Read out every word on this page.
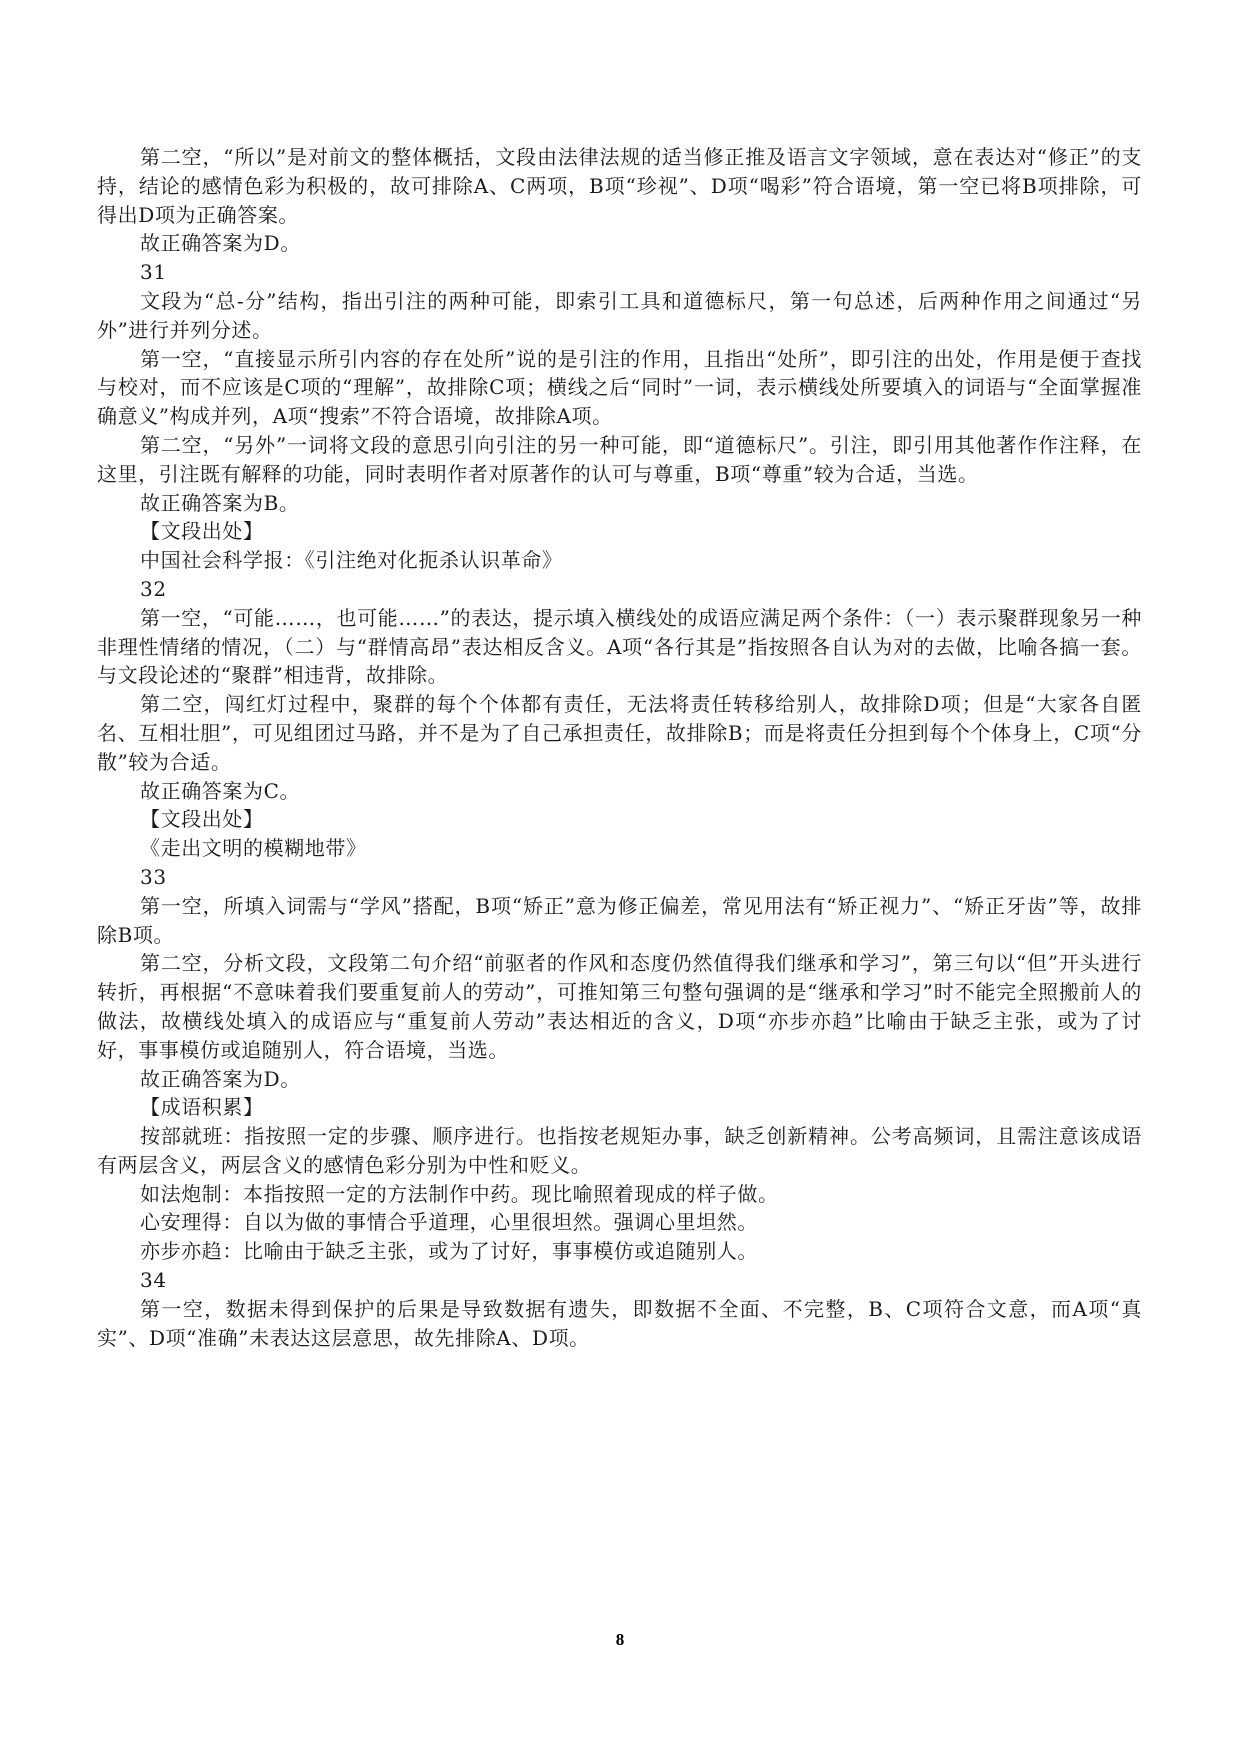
第二空，“所以”是对前文的整体概括，文段由法律法规的适当修正推及语言文字领域，意在表达对“修正”的支持，结论的感情色彩为积极的，故可排除A、C两项，B项“珍视”、D项“喝彩”符合语境，第一空已将B项排除，可得出D项为正确答案。

故正确答案为D。

31

文段为“总-分”结构，指出引注的两种可能，即索引工具和道德标尺，第一句总述，后两种作用之间通过“另外”进行并列分述。

第一空，“直接显示所引内容的存在处所”说的是引注的作用，且指出“处所”，即引注的出处，作用是便于查找与校对，而不应该是C项的“理解”，故排除C项；横线之后“同时”一词，表示横线处所要填入的词语与“全面掌握准确意义”构成并列，A项“搜索”不符合语境，故排除A项。

第二空，“另外”一词将文段的意思引向引注的另一种可能，即“道德标尺”。引注，即引用其他著作作注释，在这里，引注既有解释的功能，同时表明作者对原著作的认可与尊重，B项“尊重”较为合适，当选。

故正确答案为B。

【文段出处】

中国社会科学报：《引注绝对化扼杀认识革命》

32

第一空，“可能……，也可能……”的表达，提示填入横线处的成语应满足两个条件：（一）表示聚群现象另一种非理性情绪的情况，（二）与“群情高昂”表达相反含义。A项“各行其是”指按照各自认为对的去做，比喻各搞一套。与文段论述的“聚群”相违背，故排除。

第二空，闯红灯过程中，聚群的每个个体都有责任，无法将责任转移给别人，故排除D项；但是“大家各自匿名、互相壮胆”，可见组团过马路，并不是为了自己承担责任，故排除B；而是将责任分担到每个个体身上，C项“分散”较为合适。

故正确答案为C。

【文段出处】

《走出文明的模糊地带》

33

第一空，所填入词需与“学风”搭配，B项“矫正”意为修正偏差，常见用法有“矫正视力”、“矫正牙齿”等，故排除B项。

第二空，分析文段，文段第二句介绍“前驱者的作风和态度仍然值得我们继承和学习”，第三句以“但”开头进行转折，再根据“不意味着我们要重复前人的劳动”，可推知第三句整句强调的是“继承和学习”时不能完全照搬前人的做法，故横线处填入的成语应与“重复前人劳动”表达相近的含义，D项“亦步亦趋”比喻由于缺乏主张，或为了讨好，事事模仿或追随别人，符合语境，当选。

故正确答案为D。

【成语积累】

按部就班：指按照一定的步骤、顺序进行。也指按老规矩办事，缺乏创新精神。公考高频词，且需注意该成语有两层含义，两层含义的感情色彩分别为中性和贬义。

如法炮制：本指按照一定的方法制作中药。现比喻照着现成的样子做。

心安理得：自以为做的事情合乎道理，心里很坦然。强调心里坦然。

亦步亦趋：比喻由于缺乏主张，或为了讨好，事事模仿或追随别人。

34

第一空，数据未得到保护的后果是导致数据有遗失，即数据不全面、不完整，B、C项符合文意，而A项“真实”、D项“准确”未表达这层意思，故先排除A、D项。

8
